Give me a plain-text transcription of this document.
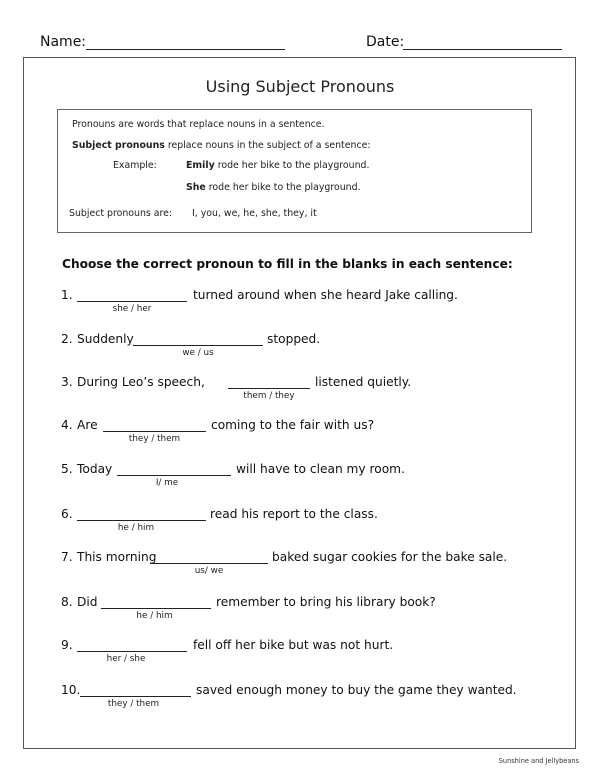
Name:	Date:
Using Subject Pronouns
Pronouns are words that replace nouns in a sentence.
Subject pronouns replace nouns in the subject of a sentence:
Example:	Emily rode her bike to the playground.
She rode her bike to the playground.
Subject pronouns are: I, you, we, he, she, they, it
Choose the correct pronoun to fill in the blanks in each sentence:
1.	turned around when she heard Jake calling.
she / her
2. Suddenly	stopped.
we / us
3. During Leo’s speech,	listened quietly.
them / they
4. Are	coming to the fair with us?
they / them
5. Today	will have to clean my room.
I/ me
6.	read his report to the class.
he / him
7. This morning	baked sugar cookies for the bake sale.
us/ we
8. Did	remember to bring his library book?
he / him
9.	fell off her bike but was not hurt.
her / she
10.	saved enough money to buy the game they wanted.
they / them
Sunshine and Jellybeans
